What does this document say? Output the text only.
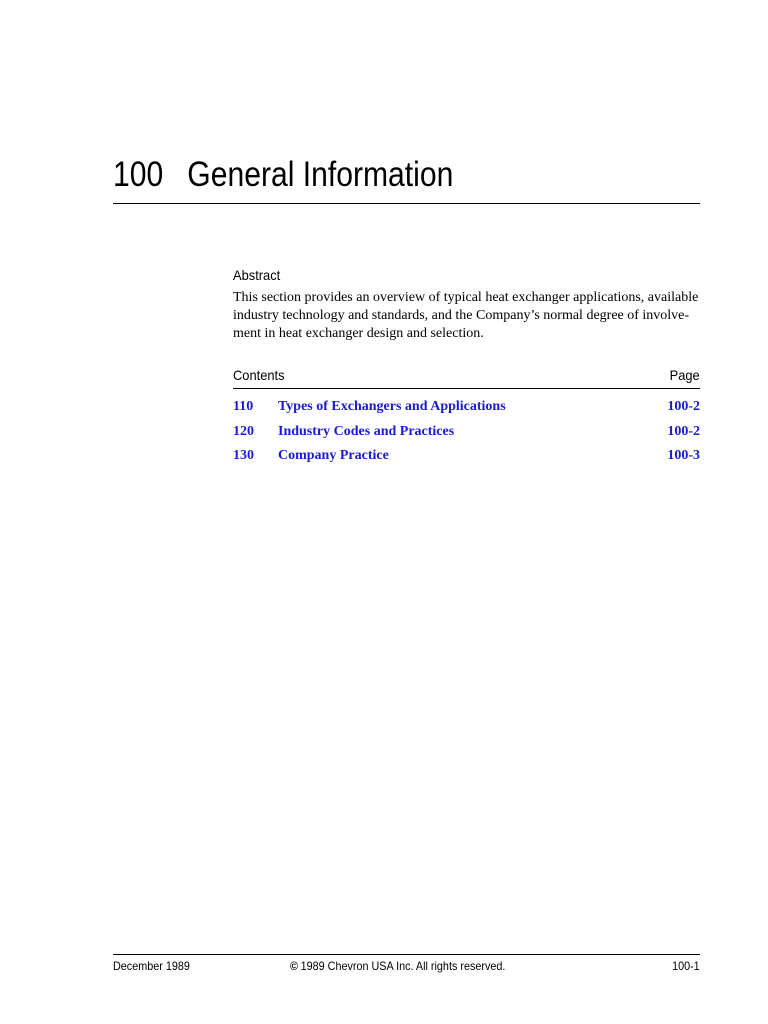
100 General Information
Abstract

This section provides an overview of typical heat exchanger applications, available
industry technology and standards, and the Company’s normal degree of involve-
ment in heat exchanger design and selection.

Contents	Page
110 Types of Exchangers and Applications	100-2
120 Industry Codes and Practices	100-2
130 Company Practice	100-3
December 1989	© 1989 Chevron USA Inc. All rights reserved.	100-1
